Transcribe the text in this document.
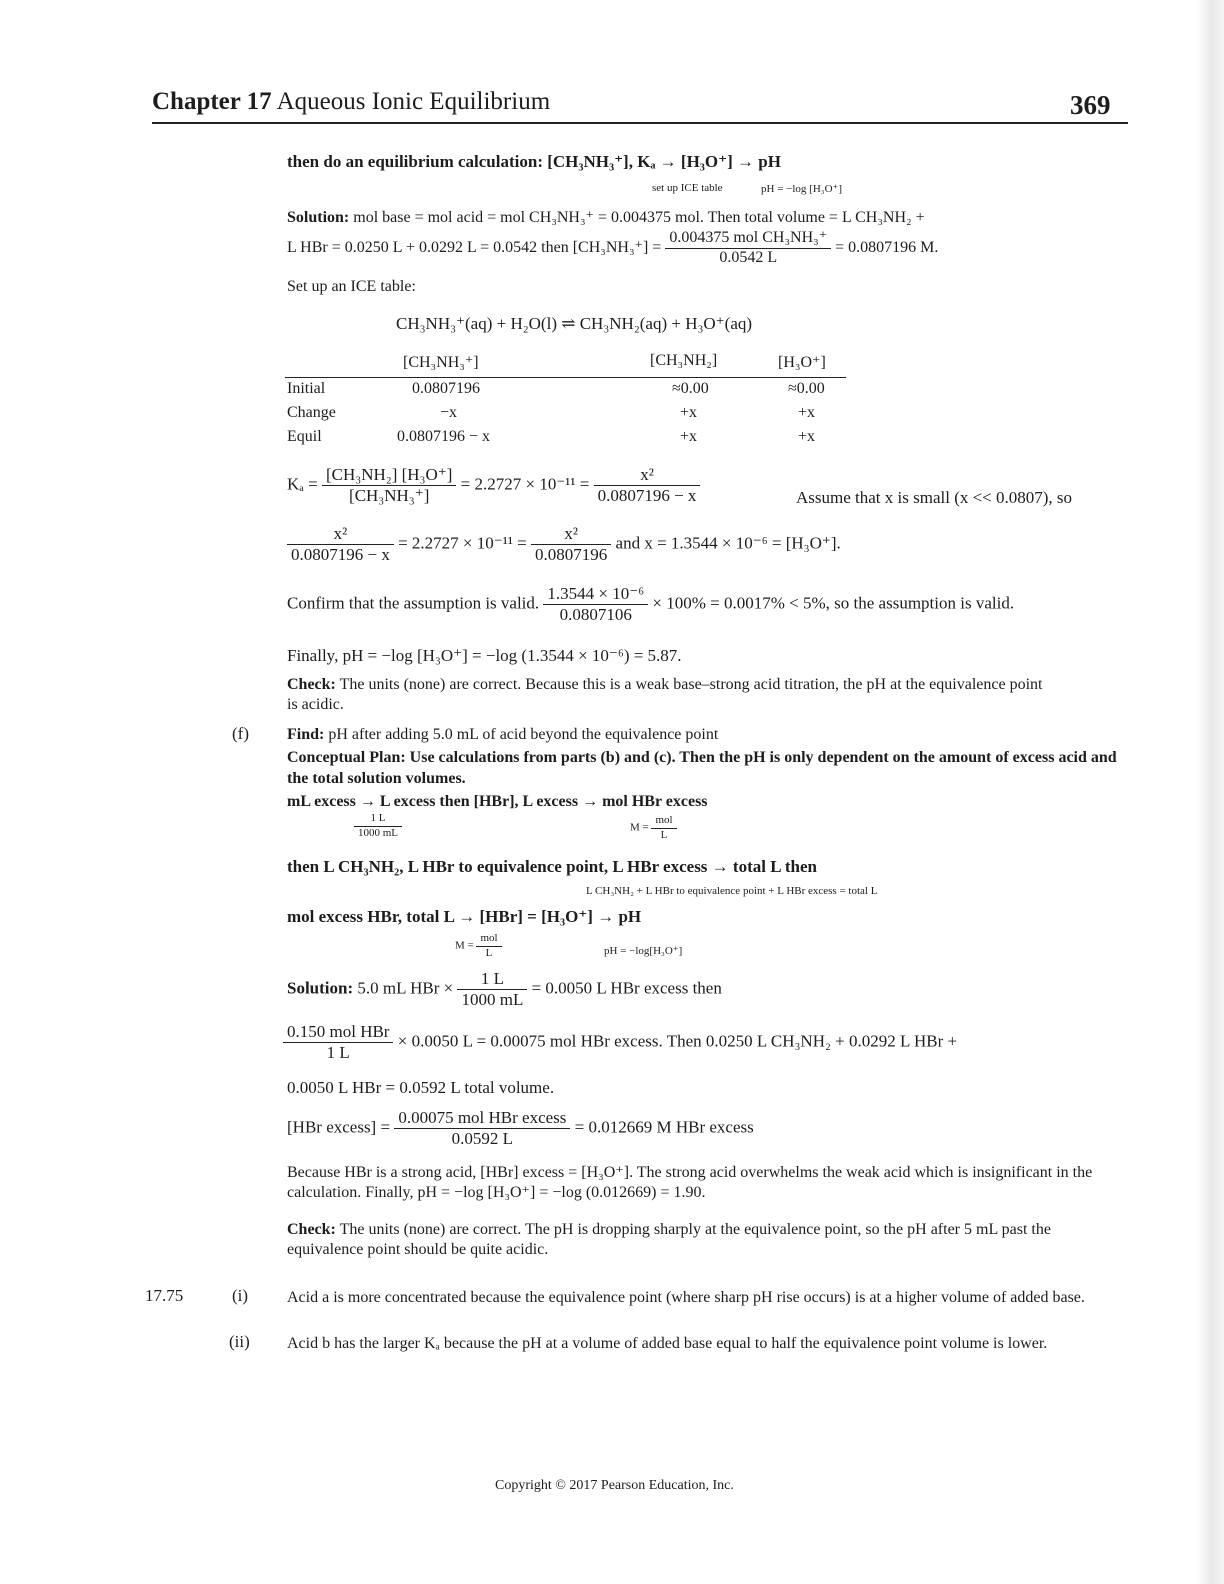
Chapter 17 Aqueous Ionic Equilibrium	369
then do an equilibrium calculation: [CH₃NH₃⁺], Kₐ → [H₃O⁺] → pH
set up ICE table	pH = −log [H₃O⁺]
Solution: mol base = mol acid = mol CH₃NH₃⁺ = 0.004375 mol. Then total volume = L CH₃NH₂ +
L HBr = 0.0250 L + 0.0292 L = 0.0542 then $[CH_3NH_3^+] = \frac{\text{0.004375 mol CH₃NH₃⁺}}{0.0542 L} = 0.0807196$ M.
Set up an ICE table:
CH₃NH₃⁺(aq) + H₂O(l) ⇌ CH₃NH₂(aq) + H₃O⁺(aq)
[CH₃NH₃⁺]	[CH₃NH₂]	[H₃O⁺]
Initial	0.0807196	≈0.00	≈0.00
Change	−x	+x	+x
Equil	0.0807196 − x	+x	+x
$K_a = \frac{\text{[CH₃NH₂] [H₃O⁺]}}{\text{[CH₃NH₃⁺]}} = 2.2727 \times 10^{-11} = \frac{\text{x²}}{0.0807196 - x}$	Assume that x is small (x << 0.0807), so
$\frac{\text{x²}}{0.0807196 - x} = 2.2727 \times 10^{-11} = \frac{\text{x²}}{0.0807196}$ and x = 1.3544 × 10⁻⁶ = [H₃O⁺].
Confirm that the assumption is valid. $\frac{\text{1.3544 × 10⁻⁶}}{0.0807106} \times 100\% = 0.0017\% < 5\%$, so the assumption is valid.
Finally, pH = −log [H₃O⁺] = −log (1.3544 × 10⁻⁶) = 5.87.
Check: The units (none) are correct. Because this is a weak base–strong acid titration, the pH at the equivalence point is acidic.
(f) Find: pH after adding 5.0 mL of acid beyond the equivalence point
Conceptual Plan: Use calculations from parts (b) and (c). Then the pH is only dependent on the amount of excess acid and the total solution volumes.
mL excess → L excess then [HBr], L excess → mol HBr excess
$\frac{1 L}{1000 mL}$	$M = \frac{\text{mol}}{L}$
then L CH₃NH₂, L HBr to equivalence point, L HBr excess → total L then
L CH₃NH₂ + L HBr to equivalence point + L HBr excess = total L
mol excess HBr, total L → [HBr] = [H₃O⁺] → pH
$M = \frac{\text{mol}}{L}$	pH = −log[H₃O⁺]
Solution: 5.0 mL HBr × $\frac{1 L}{1000 mL} = 0.0050$ L HBr excess then
$\frac{\text{0.150 mol HBr}}{1 L} \times 0.0050$ L = 0.00075 mol HBr excess. Then 0.0250 L CH₃NH₂ + 0.0292 L HBr +
0.0050 L HBr = 0.0592 L total volume.
[HBr excess] = $\frac{\text{0.00075 mol HBr excess}}{0.0592 L} = 0.012669$ M HBr excess
Because HBr is a strong acid, [HBr] excess = [H₃O⁺]. The strong acid overwhelms the weak acid which is insignificant in the calculation. Finally, pH = −log [H₃O⁺] = −log (0.012669) = 1.90.
Check: The units (none) are correct. The pH is dropping sharply at the equivalence point, so the pH after 5 mL past the equivalence point should be quite acidic.
17.75	(i) Acid a is more concentrated because the equivalence point (where sharp pH rise occurs) is at a higher volume of added base.
(ii) Acid b has the larger Kₐ because the pH at a volume of added base equal to half the equivalence point volume is lower.
Copyright © 2017 Pearson Education, Inc.
